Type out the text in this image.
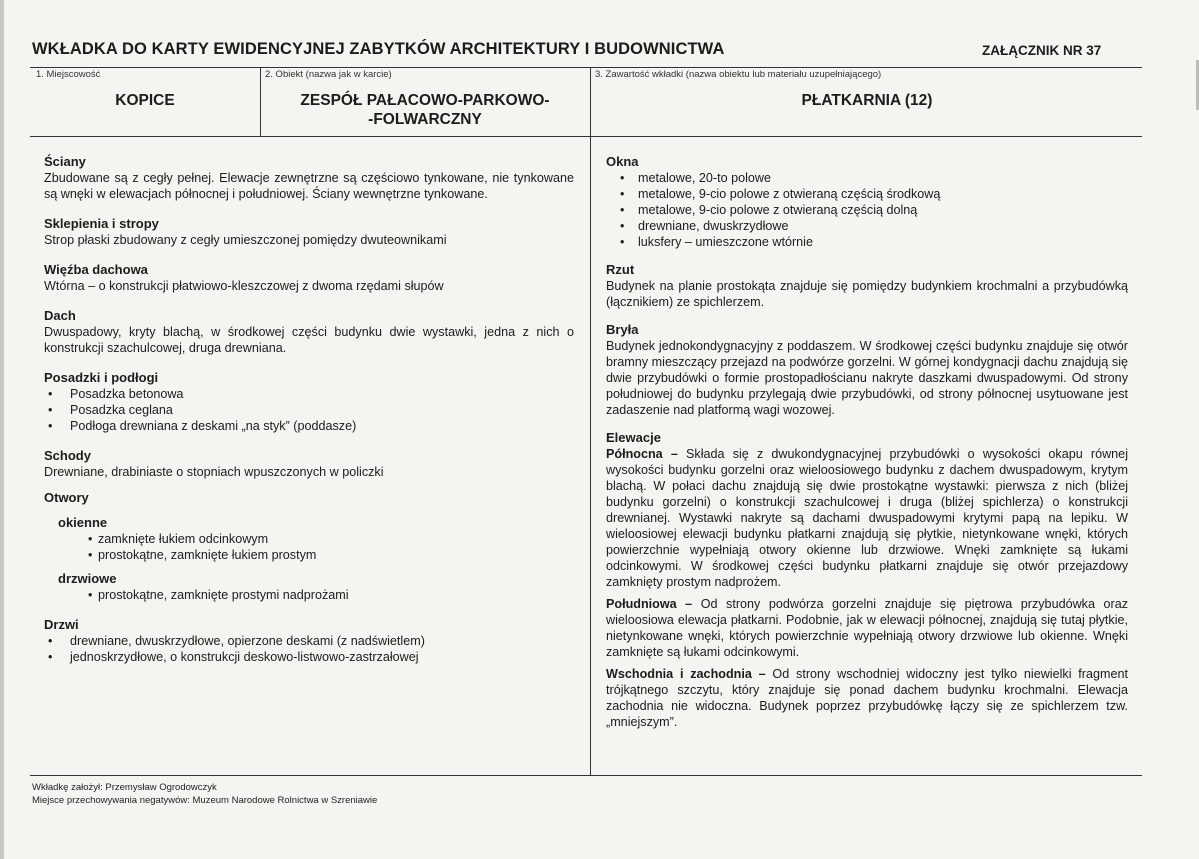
WKŁADKA DO KARTY EWIDENCYJNEJ ZABYTKÓW ARCHITEKTURY I BUDOWNICTWA	ZAŁĄCZNIK NR 37
1. Miejscowość
KOPICE
2. Obiekt (nazwa jak w karcie)
ZESPÓŁ PAŁACOWO-PARKOWO-
-FOLWARCZNY
3. Zawartość wkładki (nazwa obiektu lub materiału uzupełniającego)
PŁATKARNIA (12)
Ściany

Zbudowane są z cegły pełnej. Elewacje zewnętrzne są częściowo tynkowane, nie tynkowane są wnęki w elewacjach północnej i południowej. Ściany wewnętrzne tynkowane.

Sklepienia i stropy

Strop płaski zbudowany z cegły umieszczonej pomiędzy dwuteownikami

Więźba dachowa

Wtórna – o konstrukcji płatwiowo-kleszczowej z dwoma rzędami słupów

Dach

Dwuspadowy, kryty blachą, w środkowej części budynku dwie wystawki, jedna z nich o konstrukcji szachulcowej, druga drewniana.

Posadzki i podłogi
• Posadzka betonowa
• Posadzka ceglana
• Podłoga drewniana z deskami „na styk” (poddasze)
Schody

Drewniane, drabiniaste o stopniach wpuszczonych w policzki

Otwory
okienne
• zamknięte łukiem odcinkowym
• prostokątne, zamknięte łukiem prostym
drzwiowe
• prostokątne, zamknięte prostymi nadprożami
Drzwi
• drewniane, dwuskrzydłowe, opierzone deskami (z nadświetlem)
• jednoskrzydłowe, o konstrukcji deskowo-listwowo-zastrzałowej
Okna
• metalowe, 20-to polowe
• metalowe, 9-cio polowe z otwieraną częścią środkową
• metalowe, 9-cio polowe z otwieraną częścią dolną
• drewniane, dwuskrzydłowe
• luksfery – umieszczone wtórnie
Rzut

Budynek na planie prostokąta znajduje się pomiędzy budynkiem krochmalni a przybudówką (łącznikiem) ze spichlerzem.

Bryła

Budynek jednokondygnacyjny z poddaszem. W środkowej części budynku znajduje się otwór bramny mieszczący przejazd na podwórze gorzelni. W górnej kondygnacji dachu znajdują się dwie przybudówki o formie prostopadłościanu nakryte daszkami dwuspadowymi. Od strony południowej do budynku przylegają dwie przybudówki, od strony północnej usytuowane jest zadaszenie nad platformą wagi wozowej.

Elewacje

Północna – Składa się z dwukondygnacyjnej przybudówki o wysokości okapu równej wysokości budynku gorzelni oraz wieloosiowego budynku z dachem dwuspadowym, krytym blachą. W połaci dachu znajdują się dwie prostokątne wystawki: pierwsza z nich (bliżej budynku gorzelni) o konstrukcji szachulcowej i druga (bliżej spichlerza) o konstrukcji drewnianej. Wystawki nakryte są dachami dwuspadowymi krytymi papą na lepiku. W wieloosiowej elewacji budynku płatkarni znajdują się płytkie, nietynkowane wnęki, których powierzchnie wypełniają otwory okienne lub drzwiowe. Wnęki zamknięte są łukami odcinkowymi. W środkowej części budynku płatkarni znajduje się otwór przejazdowy zamknięty prostym nadprożem.

Południowa – Od strony podwórza gorzelni znajduje się piętrowa przybudówka oraz wieloosiowa elewacja płatkarni. Podobnie, jak w elewacji północnej, znajdują się tutaj płytkie, nietynkowane wnęki, których powierzchnie wypełniają otwory drzwiowe lub okienne. Wnęki zamknięte są łukami odcinkowymi.

Wschodnia i zachodnia – Od strony wschodniej widoczny jest tylko niewielki fragment trójkątnego szczytu, który znajduje się ponad dachem budynku krochmalni. Elewacja zachodnia nie widoczna. Budynek poprzez przybudówkę łączy się ze spichlerzem tzw. „mniejszym”.

Wkładkę założył: Przemysław Ogrodowczyk
Miejsce przechowywania negatywów: Muzeum Narodowe Rolnictwa w Szreniawie
